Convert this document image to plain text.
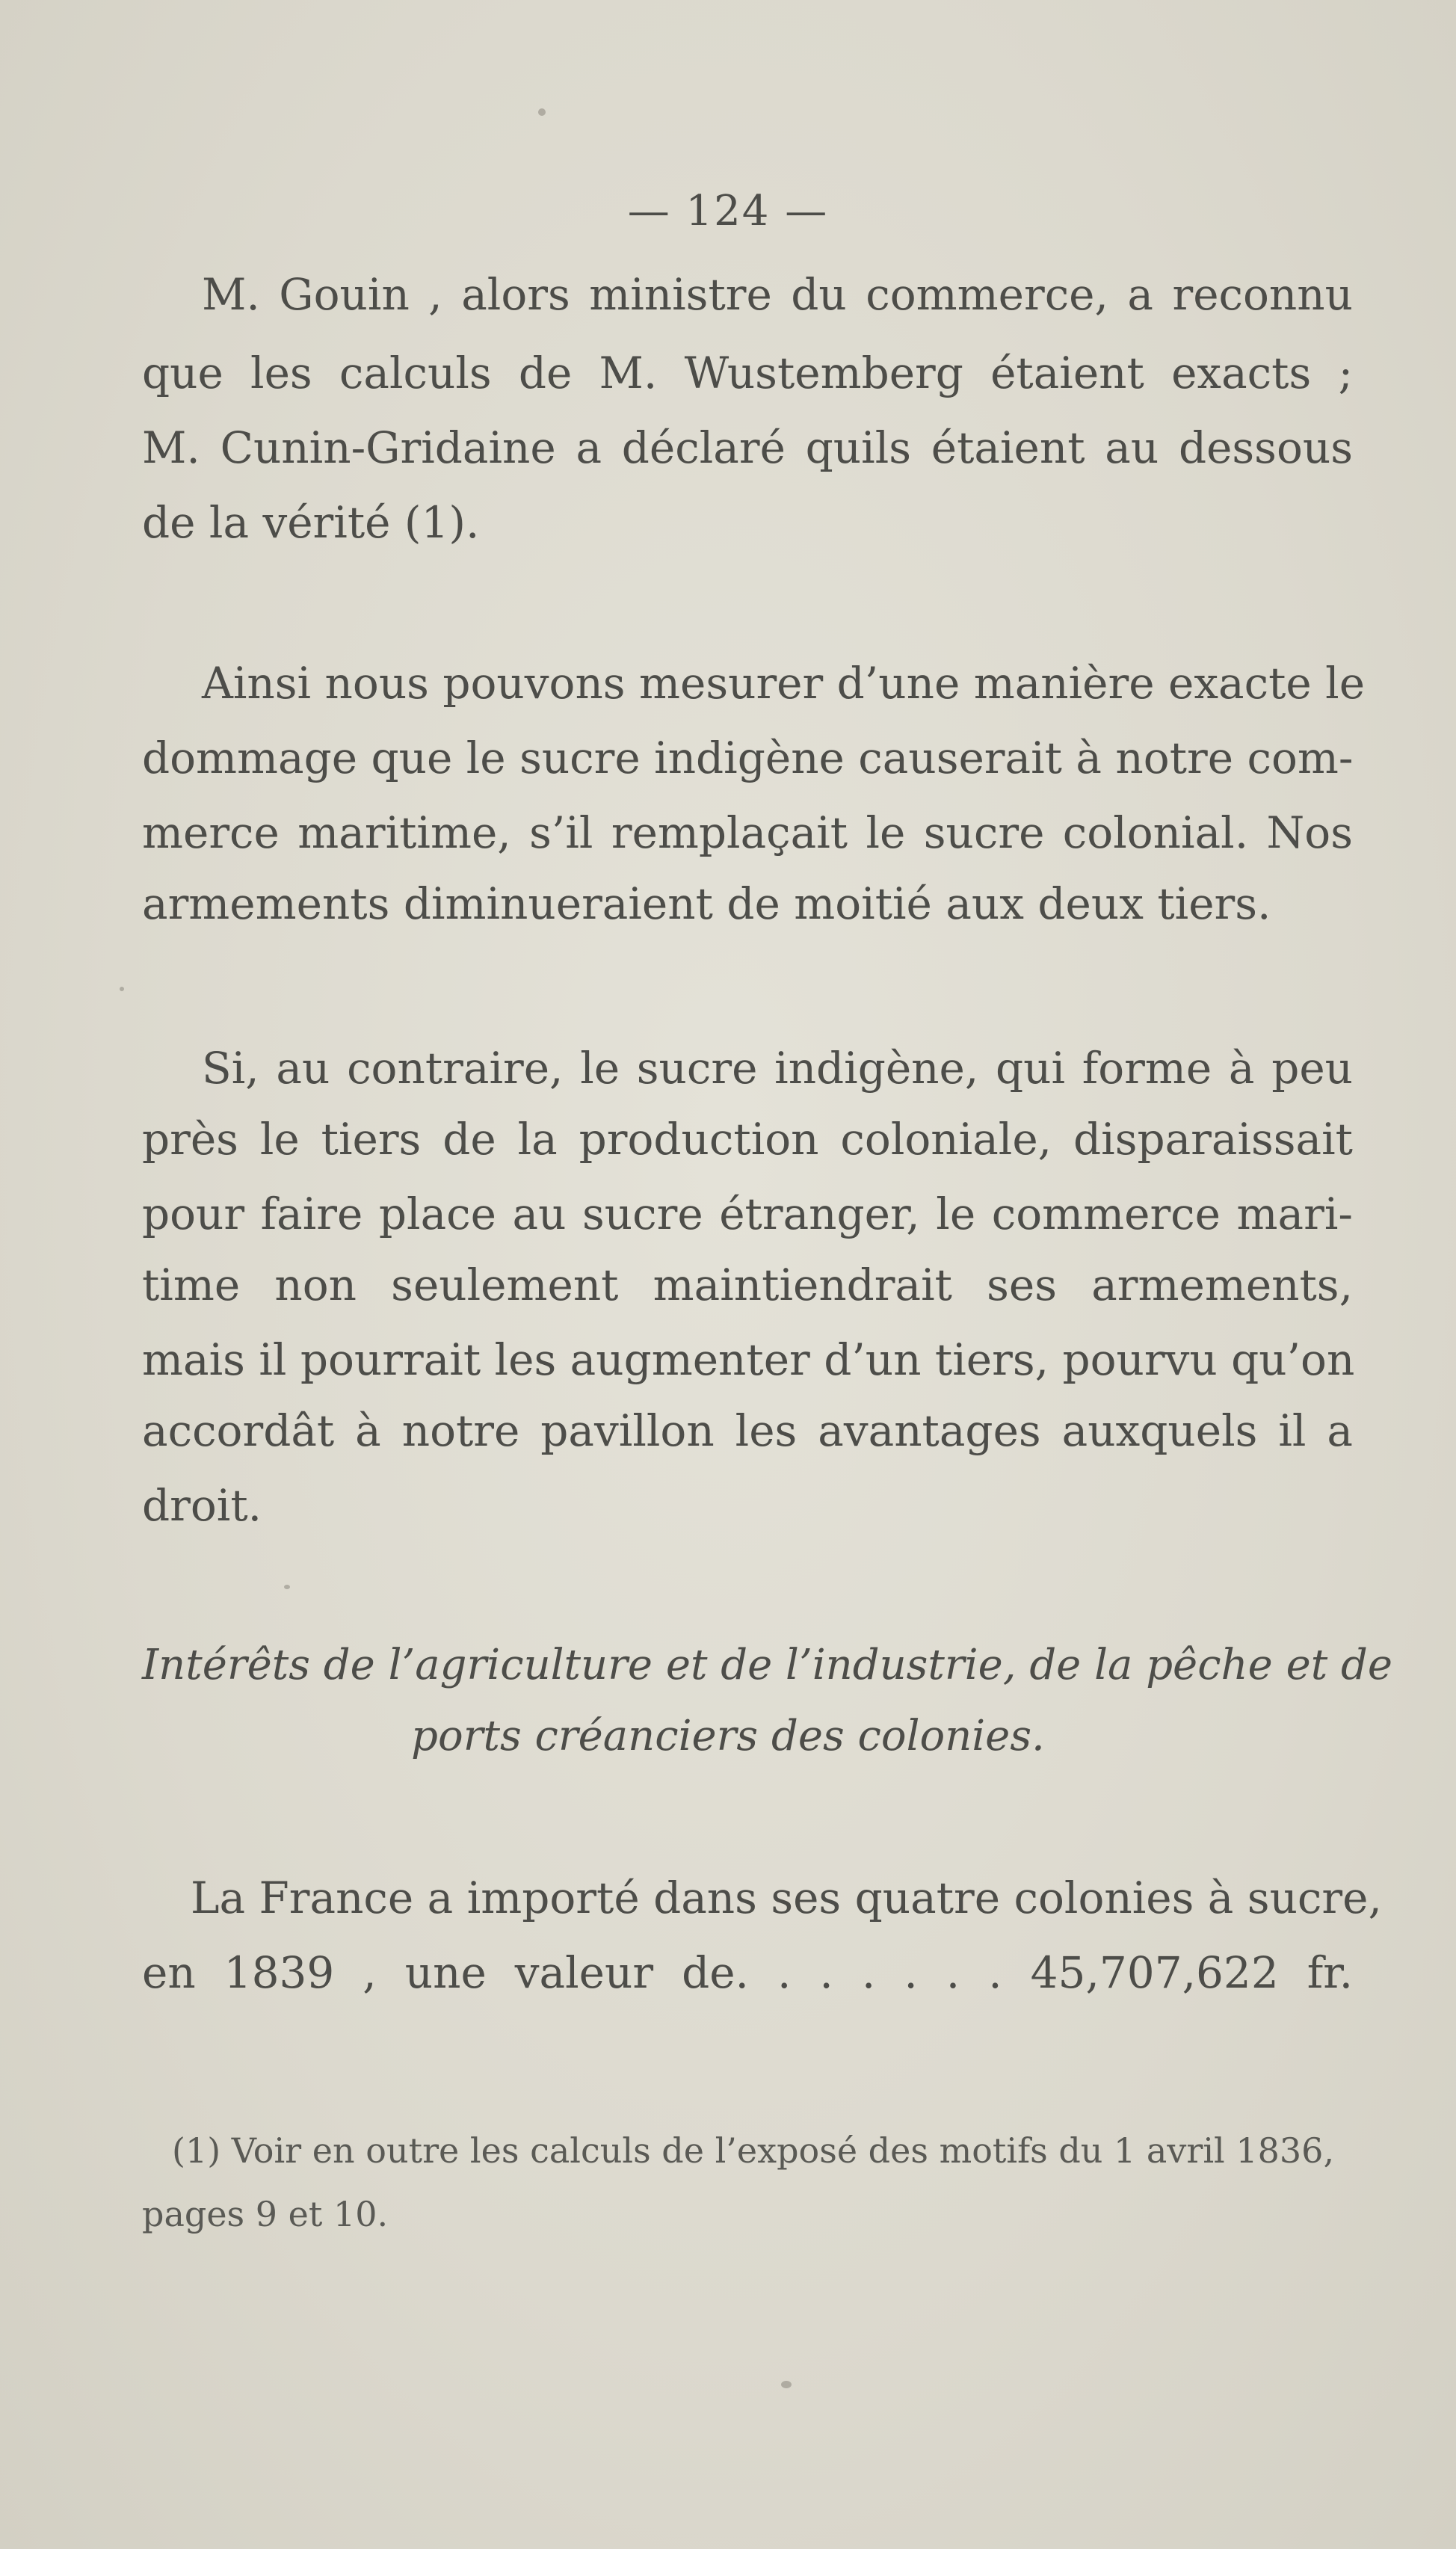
— 124 —
M. Gouin , alors ministre du commerce, a reconnu
que les calculs de M. Wustemberg étaient exacts ;
M. Cunin-Gridaine a déclaré quils étaient au dessous
de la vérité (1).
Ainsi nous pouvons mesurer d’une manière exacte le
dommage que le sucre indigène causerait à notre com-
merce maritime, s’il remplaçait le sucre colonial. Nos
armements diminueraient de moitié aux deux tiers.
Si, au contraire, le sucre indigène, qui forme à peu
près le tiers de la production coloniale, disparaissait
pour faire place au sucre étranger, le commerce mari-
time non seulement maintiendrait ses armements,
mais il pourrait les augmenter d’un tiers, pourvu qu’on
accordât à notre pavillon les avantages auxquels il a
droit.
Intérêts de l’agriculture et de l’industrie, de la pêche et de
ports créanciers des colonies.
La France a importé dans ses quatre colonies à sucre,
en 1839 , une valeur de. . . . . . . 45,707,622 fr.
(1) Voir en outre les calculs de l’exposé des motifs du 1 avril 1836,
pages 9 et 10.
